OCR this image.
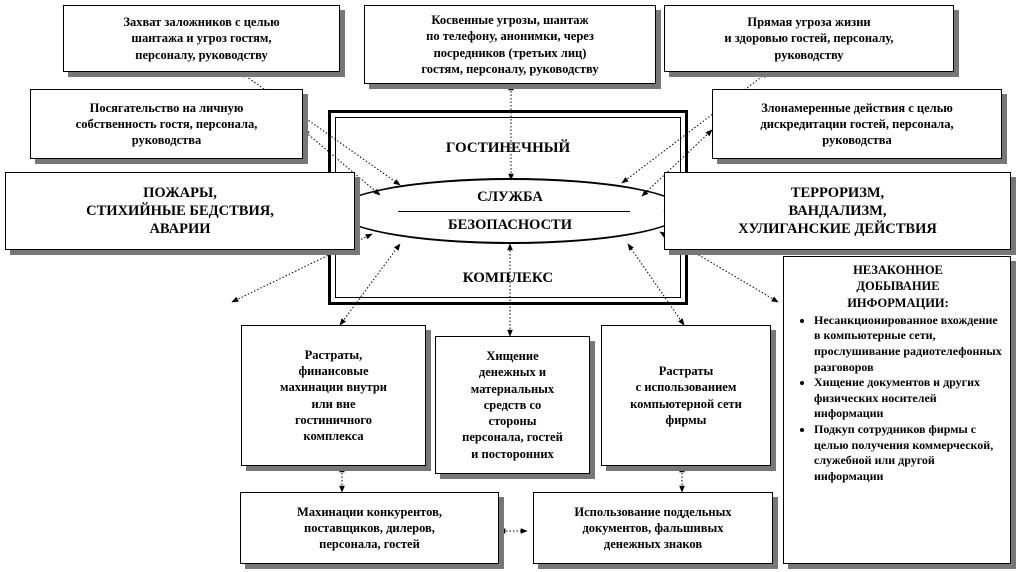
ГОСТИНЕЧНЫЙ
КОМПЛЕКС
СЛУЖБА
БЕЗОПАСНОСТИ
Захват заложников с целью
шантажа и угроз гостям,
персоналу, руководству
Косвенные угрозы, шантаж
по телефону, анонимки, через
посредников (третьих лиц)
гостям, персоналу, руководству
Прямая угроза жизни
и здоровью гостей, персоналу,
руководству
Посягательство на личную
собственность гостя, персонала,
руководства
Злонамеренные действия с целью
дискредитации гостей, персонала,
руководства
ПОЖАРЫ,
СТИХИЙНЫЕ БЕДСТВИЯ,
АВАРИИ
ТЕРРОРИЗМ,
ВАНДАЛИЗМ,
ХУЛИГАНСКИЕ ДЕЙСТВИЯ
Растраты,
финансовые
махинации внутри
или вне
гостиничного
комплекса
Хищение
денежных и
материальных
средств со
стороны
персонала, гостей
и посторонних
Растраты
с использованием
компьютерной сети
фирмы
Махинации конкурентов,
поставщиков, дилеров,
персонала, гостей
Использование поддельных
документов, фальшивых
денежных знаков
НЕЗАКОННОЕ
ДОБЫВАНИЕ
ИНФОРМАЦИИ:
• Несанкционированное вхождение в компьютерные сети, прослушивание радиотелефонных разговоров
• Хищение документов и других физических носителей информации
• Подкуп сотрудников фирмы с целью получения коммерческой, служебной или другой информации
